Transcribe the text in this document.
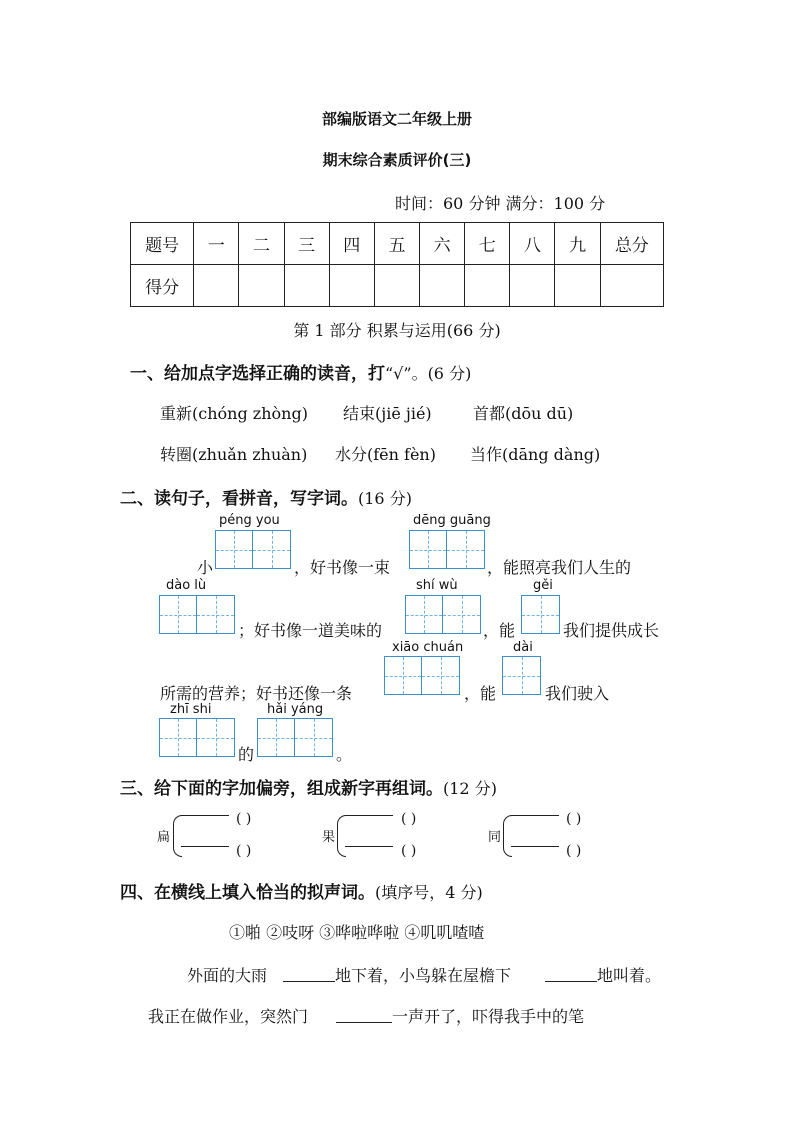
部编版语文二年级上册
期末综合素质评价(三)
时间：60 分钟 满分：100 分
题号	一	二	三	四	五	六	七	八	九	总分
得分										
第 1 部分 积累与运用(66 分)
一、给加点字选择正确的读音，打“√”。(6 分)
重新(chóng zhòng) 结束(jiē jié)	首都(dōu dū)
转圈(zhuǎn zhuàn) 水分(fēn fèn) 当作(dāng dàng)
二、读句子，看拼音，写字词。(16 分)
péng you	dēng guāng
小	，好书像一束	，能照亮我们人生的
dào lù	shí wù	gěi
；好书像一道美味的	，能	我们提供成长
xiāo chuán	dài
所需的营养；好书还像一条	，能	我们驶入
zhī shi	hǎi yáng
的	。
三、给下面的字加偏旁，组成新字再组词。(12 分)
扁
( )
( )
果
( )
( )
同
( )
( )
四、在横线上填入恰当的拟声词。(填序号，4 分)
①啪 ②吱呀 ③哗啦哗啦 ④叽叽喳喳
外面的大雨	地下着，小鸟躲在屋檐下	地叫着。
我正在做作业，突然门	一声开了，吓得我手中的笔
